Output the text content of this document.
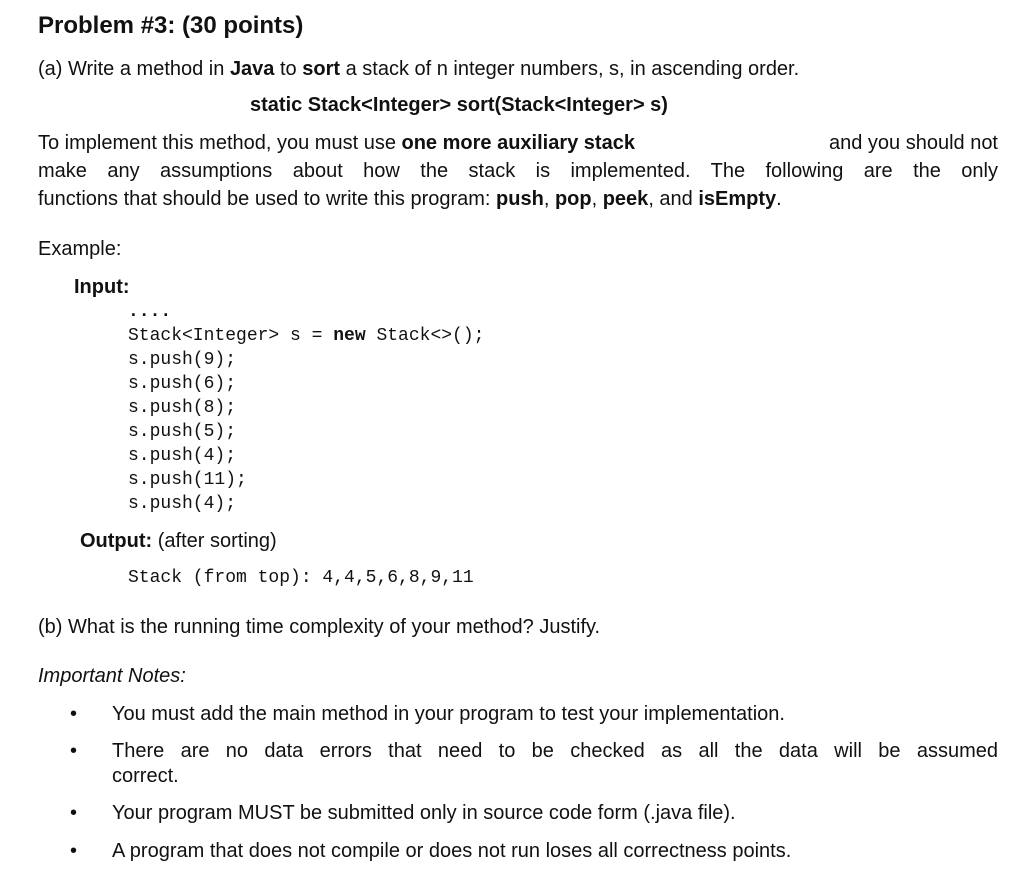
Problem #3: (30 points)
(a) Write a method in Java to sort a stack of n integer numbers, s, in ascending order.
static Stack<Integer> sort(Stack<Integer> s)
To implement this method, you must use one more auxiliary stack	and you should not
make any assumptions about how the stack is implemented. The following are the only
functions that should be used to write this program: push, pop, peek, and isEmpty.
Example:
Input:
....
Stack<Integer> s = new Stack<>();
s.push(9);
s.push(6);
s.push(8);
s.push(5);
s.push(4);
s.push(11);
s.push(4);
Output: (after sorting)
Stack (from top): 4,4,5,6,8,9,11
(b) What is the running time complexity of your method? Justify.
Important Notes:
• You must add the main method in your program to test your implementation.
• There are no data errors that need to be checked as all the data will be assumed
correct.
• Your program MUST be submitted only in source code form (.java file).
• A program that does not compile or does not run loses all correctness points.
